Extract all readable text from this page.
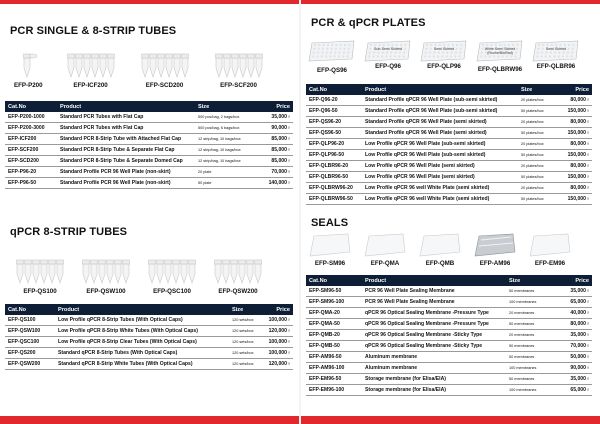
PCR SINGLE & 8-STRIP TUBES
EFP-P200	EFP-ICF200	EFP-SCD200	EFP-SCF200
Cat.No	Product	Size	Price
EFP-P200-1000	Standard PCR Tubes with Flat Cap	500 pcs/bag, 2 bags/box	35,000₫
EFP-P200-3000	Standard PCR Tubes with Flat Cap	500 pcs/bag, 6 bags/box	90,000₫
EFP-ICF200	Standard PCR 8-Strip Tube with Attached Flat Cap	12 strip/bag, 10 bags/box	85,000₫
EFP-SCF200	Standard PCR 8-Strip Tube & Separate Flat Cap	12 strip/bag, 10 bags/box	85,000₫
EFP-SCD200	Standard PCR 8-Strip Tube & Separate Domed Cap	12 strip/bag, 10 bags/box	85,000₫
EFP-P96-20	Standard Profile PCR 96 Well Plate (non-skirt)	20 plate	70,000₫
EFP-P96-50	Standard Profile PCR 96 Well Plate (non-skirt)	50 plate	140,000₫
qPCR 8-STRIP TUBES
EFP-QS100	EFP-QSW100	EFP-QSC100	EFP-QSW200
Cat.No	Product	Size	Price
EFP-QS100	Low Profile qPCR 8-Strip Tubes (With Optical Caps)	120 sets/box	100,000₫
EFP-QSW100	Low Profile qPCR 8-Strip White Tubes (With Optical Caps)	120 sets/box	120,000₫
EFP-QSC100	Low Profile qPCR 8-Strip Clear Tubes (With Optical Caps)	120 sets/box	100,000₫
EFP-QS200	Standard qPCR 8-Strip Tubes (With Optical Caps)	120 sets/box	100,000₫
EFP-QSW200	Standard qPCR 8-Strip White Tubes (With Optical Caps)	120 sets/box	120,000₫
PCR & qPCR PLATES
EFP-QS96
Sub-Semi Skirted
EFP-Q96
Semi Skirted
EFP-QLP96
White Semi Skirted (Roche/BioRad)
EFP-QLBRW96
Semi Skirted
EFP-QLBR96
Cat.No	Product	Size	Price
EFP-Q96-20	Standard Profile qPCR 96 Well Plate (sub-semi skirted)	20 plates/box	80,000₫
EFP-Q96-50	Standard Profile qPCR 96 Well Plate (sub-semi skirted)	50 plates/box	150,000₫
EFP-QS96-20	Standard Profile qPCR 96 Well Plate (semi skirted)	20 plates/box	80,000₫
EFP-QS96-50	Standard Profile qPCR 96 Well Plate (semi skirted)	50 plates/box	150,000₫
EFP-QLP96-20	Low Profile qPCR 96 Well Plate (sub-semi skirted)	20 plates/box	80,000₫
EFP-QLP96-50	Low Profile qPCR 96 Well Plate (sub-semi skirted)	50 plates/box	150,000₫
EFP-QLBR96-20	Low Profile qPCR 96 Well Plate (semi skirted)	20 plates/box	80,000₫
EFP-QLBR96-50	Low Profile qPCR 96 Well Plate (semi skirted)	50 plates/box	150,000₫
EFP-QLBRW96-20	Low Profile qPCR 96 well White Plate (semi skirted)	20 plates/box	80,000₫
EFP-QLBRW96-50	Low Profile qPCR 96 well White Plate (semi skirted)	50 plates/box	150,000₫
SEALS
EFP-SM96	EFP-QMA	EFP-QMB	EFP-AM96	EFP-EM96
Cat.No	Product	Size	Price
EFP-SM96-50	PCR 96 Well Plate Sealing Membrane	50 membranes	35,000₫
EFP-SM96-100	PCR 96 Well Plate Sealing Membrane	100 membranes	65,000₫
EFP-QMA-20	qPCR 96 Optical Sealing Membrane -Pressure Type	20 membranes	40,000₫
EFP-QMA-50	qPCR 96 Optical Sealing Membrane -Pressure Type	50 membranes	80,000₫
EFP-QMB-20	qPCR 96 Optical Sealing Membrane -Sticky Type	20 membranes	35,000₫
EFP-QMB-50	qPCR 96 Optical Sealing Membrane -Sticky Type	50 membranes	70,000₫
EFP-AM96-50	Aluminum membrane	50 membranes	50,000₫
EFP-AM96-100	Aluminum membrane	100 membranes	90,000₫
EFP-EM96-50	Storage membrane (for Elisa/EIA)	50 membranes	35,000₫
EFP-EM96-100	Storage membrane (for Elisa/EIA)	100 membranes	65,000₫
